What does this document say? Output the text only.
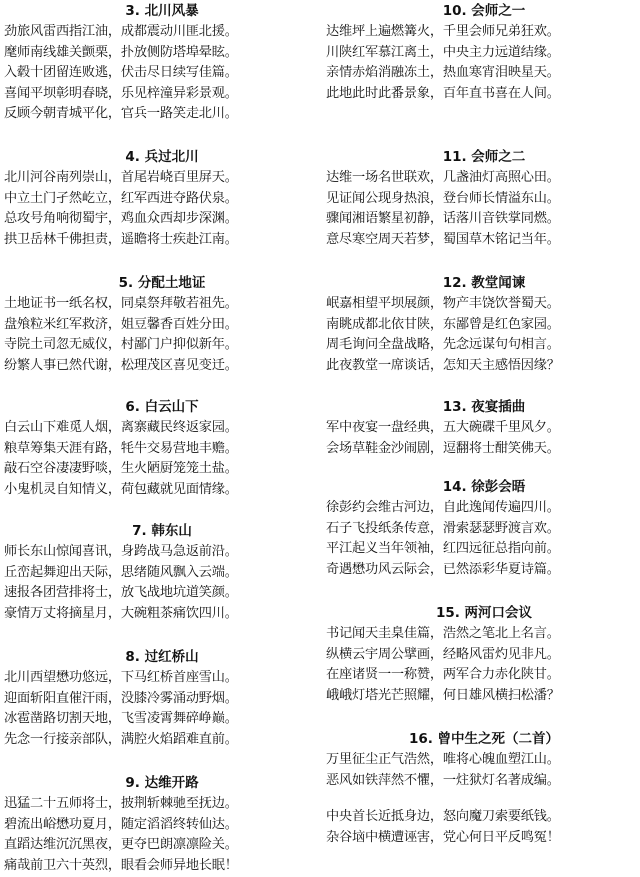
3. 北川风暴
劲旅风雷西指江油，成都震动川匪北援。
麾师南线雄关颤栗，扑放侧防塔埠晕眩。
入毂十团留连败逃，伏击尽日续写佳篇。
喜闻平坝彰明春晓，乐见梓潼异彩景观。
反顾今朝青城平化，官兵一路笑走北川。
4. 兵过北川
北川河谷南列崇山，首尾岩峣百里屏天。
中立土门孑然屹立，红军西进夺路伏泉。
总攻号角响彻蜀宇，鸡血众西却步深渊。
拱卫岳林千佛担责，遥瞻将士疾赴江南。
5. 分配土地证
土地证书一纸名权，同桌祭拜敬若祖先。
盘飧粒米红军救济，姐豆馨香百姓分田。
寺院土司忽无威仪，村鄙门户抑似新年。
纷繁人事已然代谢，松理茂区喜见变迁。
6. 白云山下
白云山下难觅人烟，离寨藏民终返家园。
粮草筹集天涯有路，牦牛交易营地丰赡。
敲石空谷凄凄野啖，生火陋厨笼笼土盐。
小鬼机灵自知情义，荷包藏就见面情缘。
7. 韩东山
师长东山惊闻喜讯，身跨战马急返前沿。
丘峦起舞迎出天际，思绪随风飘入云端。
速报各团营排将士，放飞战地坑道笑颜。
豪情万丈将摘星月，大碗粗茶痛饮四川。
8. 过红桥山
北川西望懋功悠远，下马红桥首座雪山。
迎面斩阳直催汗雨，没膝冷雾涌动野烟。
冰雹凿路切割天地，飞雪凌霄舞碎峥巅。
先念一行接亲部队，满腔火焰蹈难直前。
9. 达维开路
迅猛二十五师将士，披荆斩棘驰至抚边。
碧流出峪懋功夏月，随定滔滔终转仙达。
直蹈达维沉沉黑夜，更夺巴朗凛凛险关。
痛哉前卫六十英烈，眼看会师异地长眠！
10. 会师之一
达维坪上遍燃篝火，千里会师兄弟狂欢。
川陕红军慕江离土，中央主力远道结缘。
亲情赤焰消融冻土，热血寒宵泪映星天。
此地此时此番景象，百年直书喜在人间。
11. 会师之二
达维一场名世联欢，几盏油灯高照心田。
见证闻公现身热浪，登台师长情溢东山。
骤闻湘语繁星初静，话落川音铁掌同燃。
意尽寒空周天若梦，蜀国草木铭记当年。
12. 教堂闻谏
岷嘉相望平坝展颜，物产丰饶饮誉蜀天。
南眺成都北依甘陕，东鄙曾是红色家园。
周毛询问全盘战略，先念远谋句句相言。
此夜教堂一席谈话，怎知天主感悟因缘？
13. 夜宴插曲
军中夜宴一盘经典，五大碗碟千里风夕。
会场草鞋金沙闹剧，逗翻将士酣笑佛天。
14. 徐彭会晤
徐彭约会维古河边，自此逸闻传遍四川。
石子飞投纸条传意，滑索瑟瑟野渡言欢。
平江起义当年领袖，红四远征总指向前。
奇遇懋功风云际会，已然添彩华夏诗篇。
15. 两河口会议
书记闻天圭臬佳篇，浩然之笔北上名言。
纵横云宇周公擘画，经略风雷灼见非凡。
在座诸贤一一称赞，两军合力赤化陕甘。
峨峨灯塔光芒照耀，何日雄风横扫松潘？
16. 曾中生之死（二首）
万里征尘正气浩然，唯将心魄血塑江山。
恶风如铁萍然不懼，一炷狱灯名著成编。
中央首长近抵身边，怒向魔刀索要纸钱。
杂谷垴中横遭诬害，党心何日平反鸣冤！
